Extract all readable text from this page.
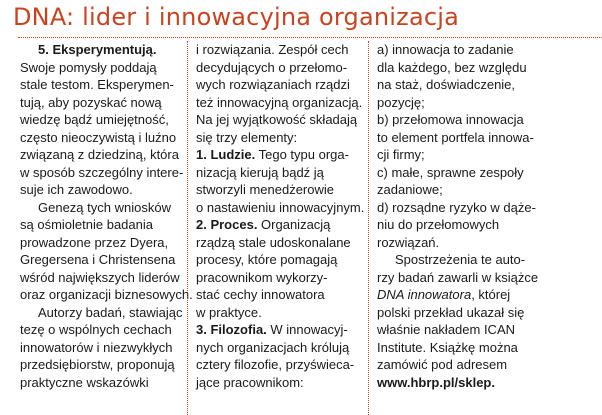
DNA: lider i innowacyjna organizacja
5. Eksperymentują.
Swoje pomysły poddają
stale testom. Eksperymen-
tują, aby pozyskać nową
wiedzę bądź umiejętność,
często nieoczywistą i luźno
związaną z dziedziną, która
w sposób szczególny intere-
suje ich zawodowo.
Genezą tych wniosków
są ośmioletnie badania
prowadzone przez Dyera,
Gregersena i Christensena
wśród największych liderów
oraz organizacji biznesowych.
Autorzy badań, stawiając
tezę o wspólnych cechach
innowatorów i niezwykłych
przedsiębiorstw, proponują
praktyczne wskazówki
i rozwiązania. Zespół cech
decydujących o przełomo-
wych rozwiązaniach rządzi
też innowacyjną organizacją.
Na jej wyjątkowość składają
się trzy elementy:
1. Ludzie. Tego typu orga-
nizacją kierują bądź ją
stworzyli menedżerowie
o nastawieniu innowacyjnym.
2. Proces. Organizacją
rządzą stale udoskonalane
procesy, które pomagają
pracownikom wykorzy-
stać cechy innowatora
w praktyce.
3. Filozofia. W innowacyj-
nych organizacjach królują
cztery filozofie, przyświeca-
jące pracownikom:
a) innowacja to zadanie
dla każdego, bez względu
na staż, doświadczenie,
pozycję;
b) przełomowa innowacja
to element portfela innowa-
cji firmy;
c) małe, sprawne zespoły
zadaniowe;
d) rozsądne ryzyko w dąże-
niu do przełomowych
rozwiązań.
Spostrzeżenia te auto-
rzy badań zawarli w książce
DNA innowatora, której
polski przekład ukazał się
właśnie nakładem ICAN
Institute. Książkę można
zamówić pod adresem
www.hbrp.pl/sklep.
